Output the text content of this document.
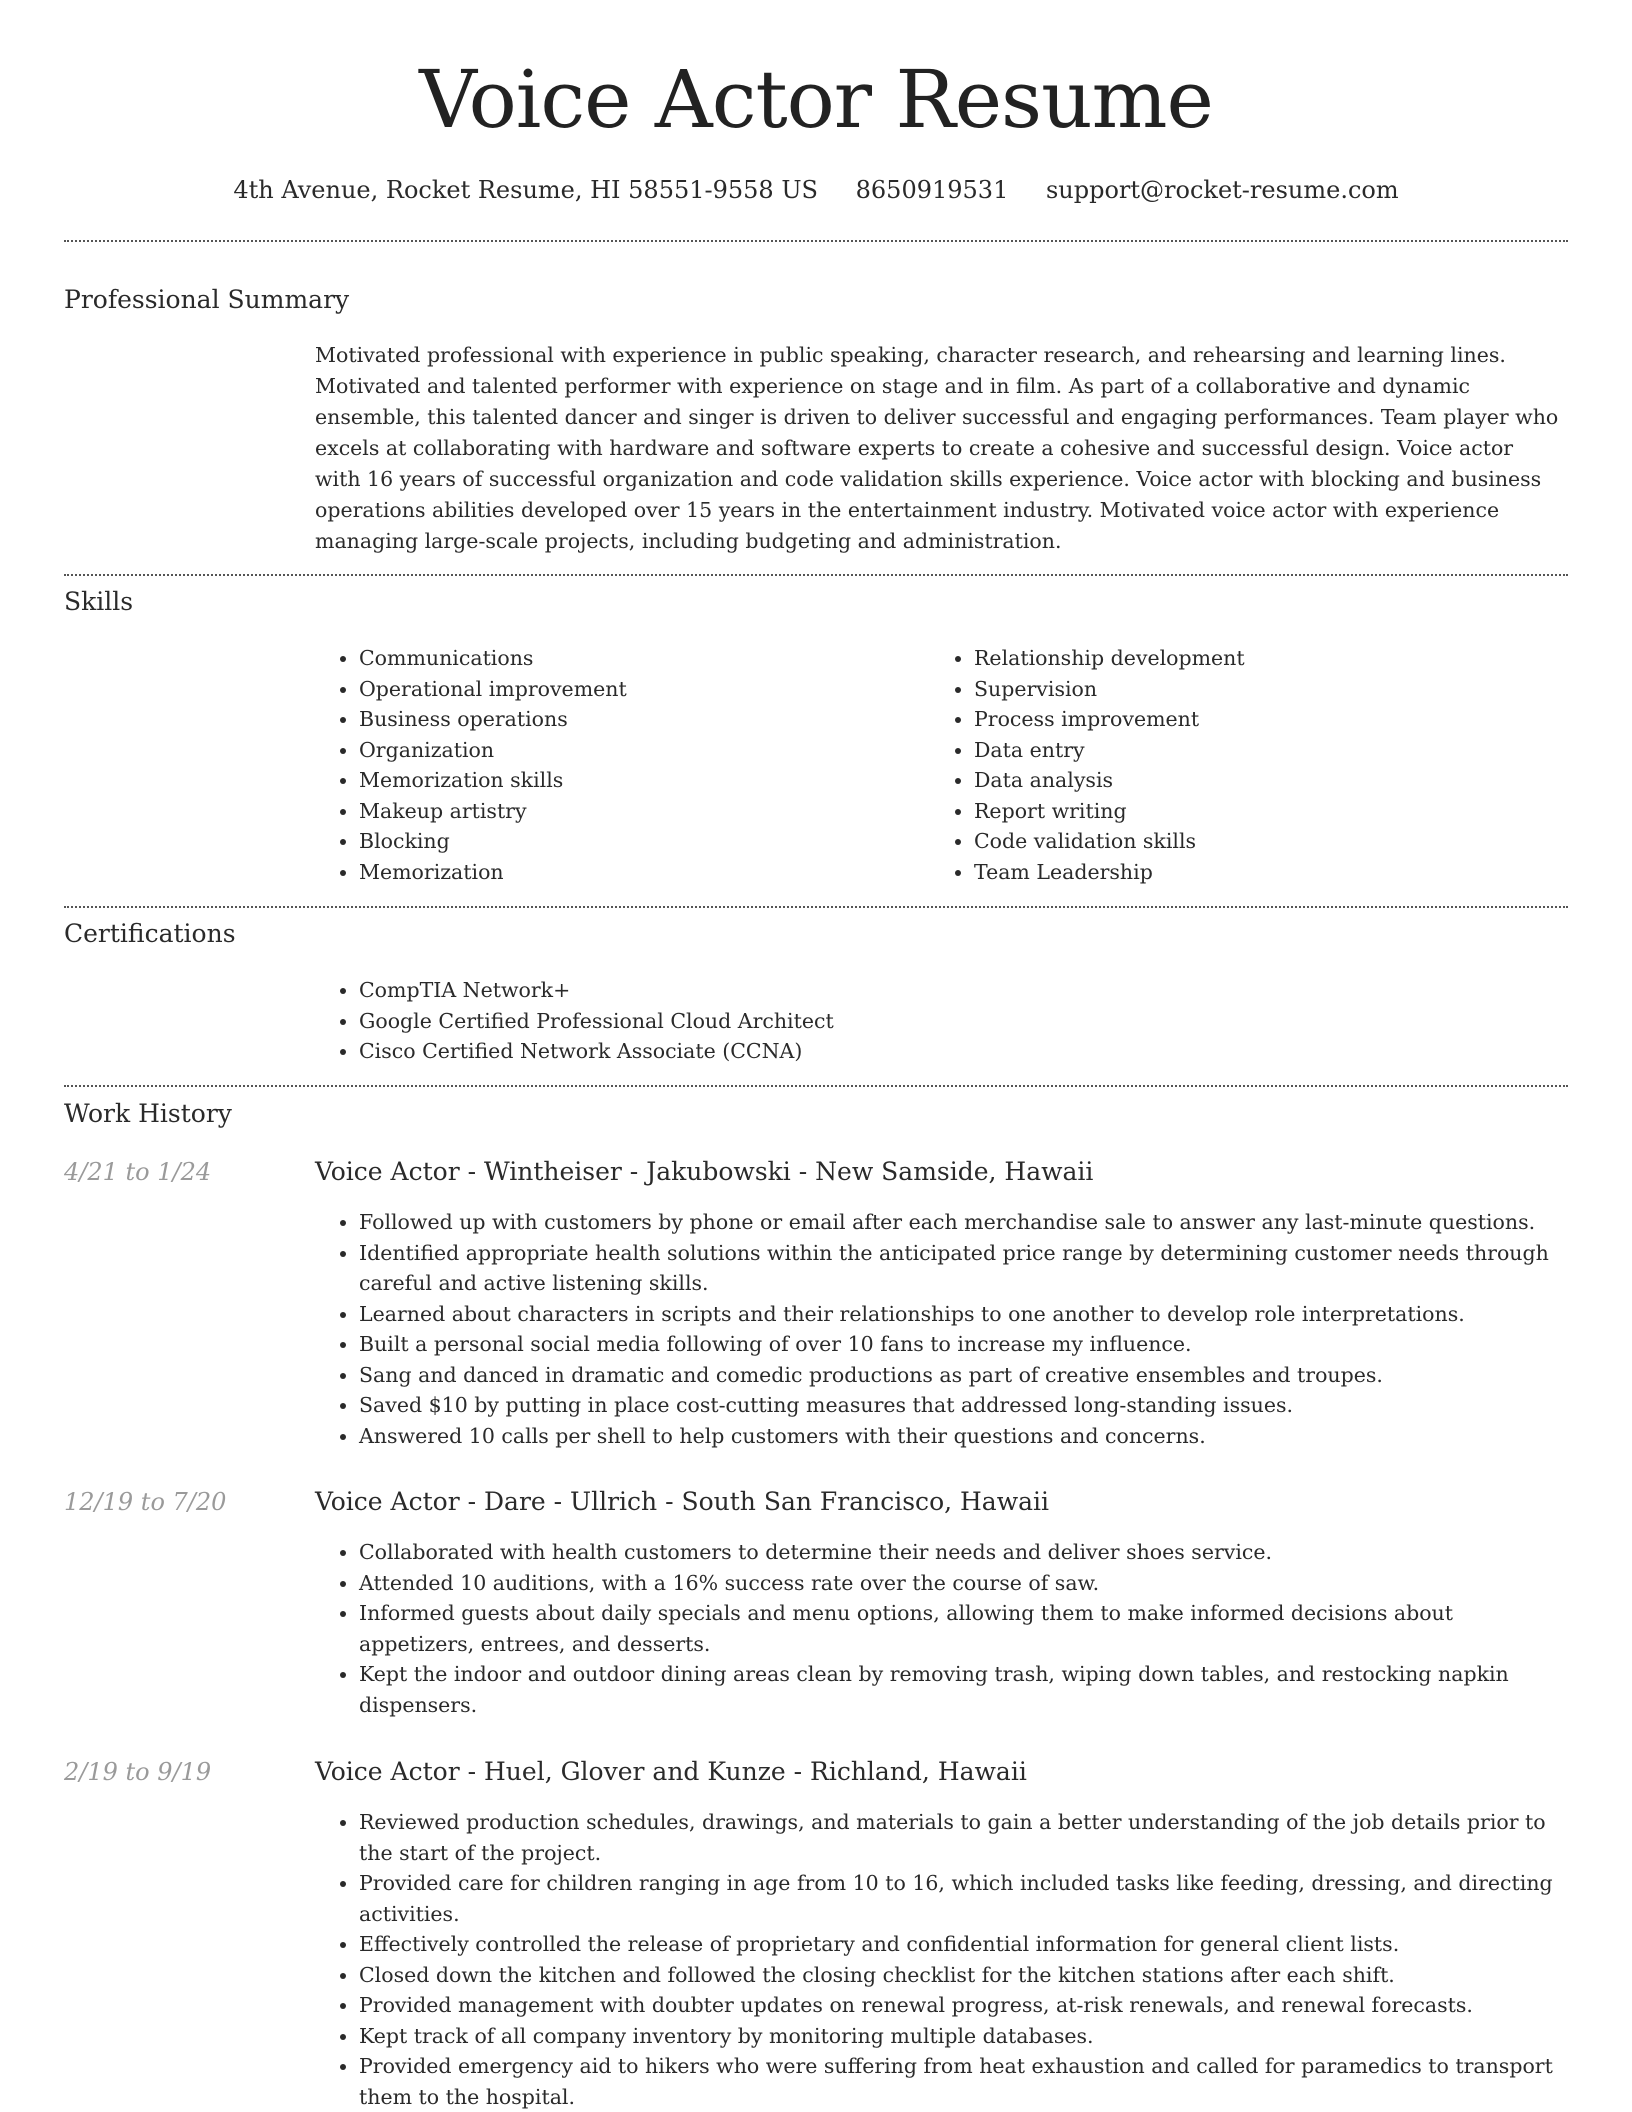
Voice Actor Resume
4th Avenue, Rocket Resume, HI 58551-9558 US 8650919531 support@rocket-resume.com
Professional Summary
Motivated professional with experience in public speaking, character research, and rehearsing and learning lines. Motivated and talented performer with experience on stage and in film. As part of a collaborative and dynamic ensemble, this talented dancer and singer is driven to deliver successful and engaging performances. Team player who excels at collaborating with hardware and software experts to create a cohesive and successful design. Voice actor with 16 years of successful organization and code validation skills experience. Voice actor with blocking and business operations abilities developed over 15 years in the entertainment industry. Motivated voice actor with experience managing large-scale projects, including budgeting and administration.
Skills
• Communications
• Operational improvement
• Business operations
• Organization
• Memorization skills
• Makeup artistry
• Blocking
• Memorization
• Relationship development
• Supervision
• Process improvement
• Data entry
• Data analysis
• Report writing
• Code validation skills
• Team Leadership
Certifications
• CompTIA Network+
• Google Certified Professional Cloud Architect
• Cisco Certified Network Associate (CCNA)
Work History
4/21 to 1/24	Voice Actor - Wintheiser - Jakubowski - New Samside, Hawaii
• Followed up with customers by phone or email after each merchandise sale to answer any last-minute questions.
• Identified appropriate health solutions within the anticipated price range by determining customer needs through careful and active listening skills.
• Learned about characters in scripts and their relationships to one another to develop role interpretations.
• Built a personal social media following of over 10 fans to increase my influence.
• Sang and danced in dramatic and comedic productions as part of creative ensembles and troupes.
• Saved $10 by putting in place cost-cutting measures that addressed long-standing issues.
• Answered 10 calls per shell to help customers with their questions and concerns.
12/19 to 7/20	Voice Actor - Dare - Ullrich - South San Francisco, Hawaii
• Collaborated with health customers to determine their needs and deliver shoes service.
• Attended 10 auditions, with a 16% success rate over the course of saw.
• Informed guests about daily specials and menu options, allowing them to make informed decisions about appetizers, entrees, and desserts.
• Kept the indoor and outdoor dining areas clean by removing trash, wiping down tables, and restocking napkin dispensers.
2/19 to 9/19	Voice Actor - Huel, Glover and Kunze - Richland, Hawaii
• Reviewed production schedules, drawings, and materials to gain a better understanding of the job details prior to the start of the project.
• Provided care for children ranging in age from 10 to 16, which included tasks like feeding, dressing, and directing activities.
• Effectively controlled the release of proprietary and confidential information for general client lists.
• Closed down the kitchen and followed the closing checklist for the kitchen stations after each shift.
• Provided management with doubter updates on renewal progress, at-risk renewals, and renewal forecasts.
• Kept track of all company inventory by monitoring multiple databases.
• Provided emergency aid to hikers who were suffering from heat exhaustion and called for paramedics to transport them to the hospital.
